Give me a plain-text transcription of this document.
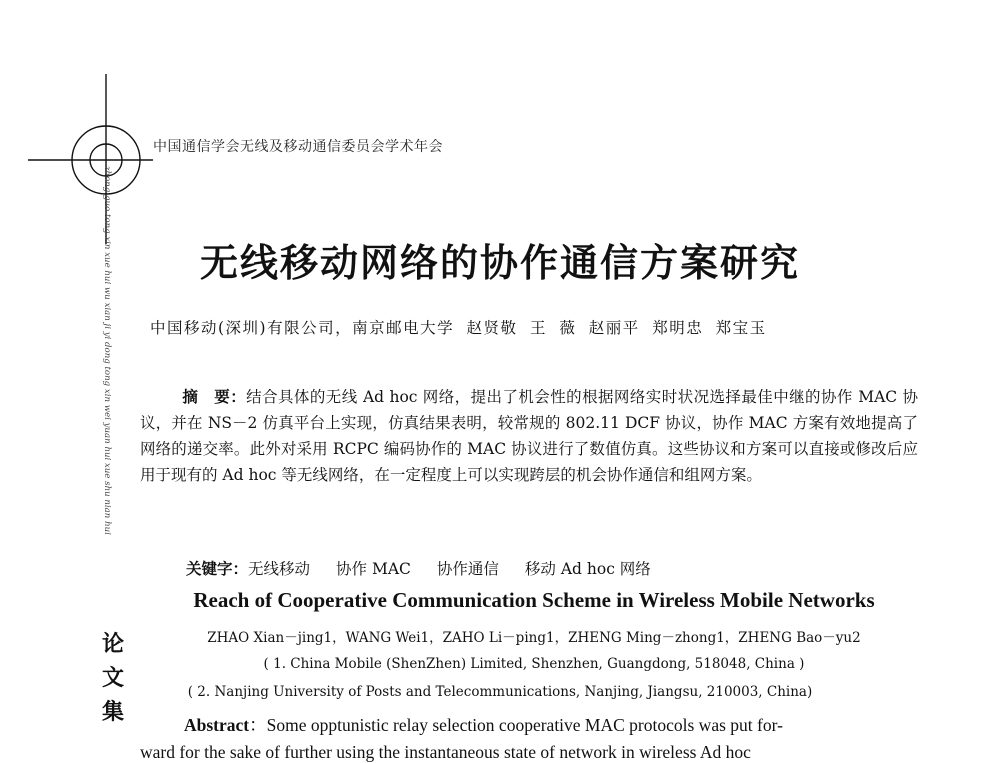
中国通信学会无线及移动通信委员会学术年会
zhong guo tong xin xue hui wu xian ji yi dong tong xin wei yuan hui xue shu nian hui
论
文
集
无线移动网络的协作通信方案研究
中国移动(深圳)有限公司，南京邮电大学 赵贤敬 王 薇 赵丽平 郑明忠 郑宝玉
摘　要：结合具体的无线 Ad hoc 网络，提出了机会性的根据网络实时状况选择最佳中继的协作 MAC 协议，并在 NS－2 仿真平台上实现，仿真结果表明，较常规的 802.11 DCF 协议，协作 MAC 方案有效地提高了网络的递交率。此外对采用 RCPC 编码协作的 MAC 协议进行了数值仿真。这些协议和方案可以直接或修改后应用于现有的 Ad hoc 等无线网络，在一定程度上可以实现跨层的机会协作通信和组网方案。
关键字：无线移动 协作 MAC 协作通信 移动 Ad hoc 网络
Reach of Cooperative Communication Scheme in Wireless Mobile Networks
ZHAO Xian－jing1，WANG Wei1，ZAHO Li－ping1，ZHENG Ming－zhong1，ZHENG Bao－yu2
( 1. China Mobile (ShenZhen) Limited, Shenzhen, Guangdong, 518048, China )
( 2. Nanjing University of Posts and Telecommunications, Nanjing, Jiangsu, 210003, China)
Abstract：Some opptunistic relay selection cooperative MAC protocols was put for-
ward for the sake of further using the instantaneous state of network in wireless Ad hoc
